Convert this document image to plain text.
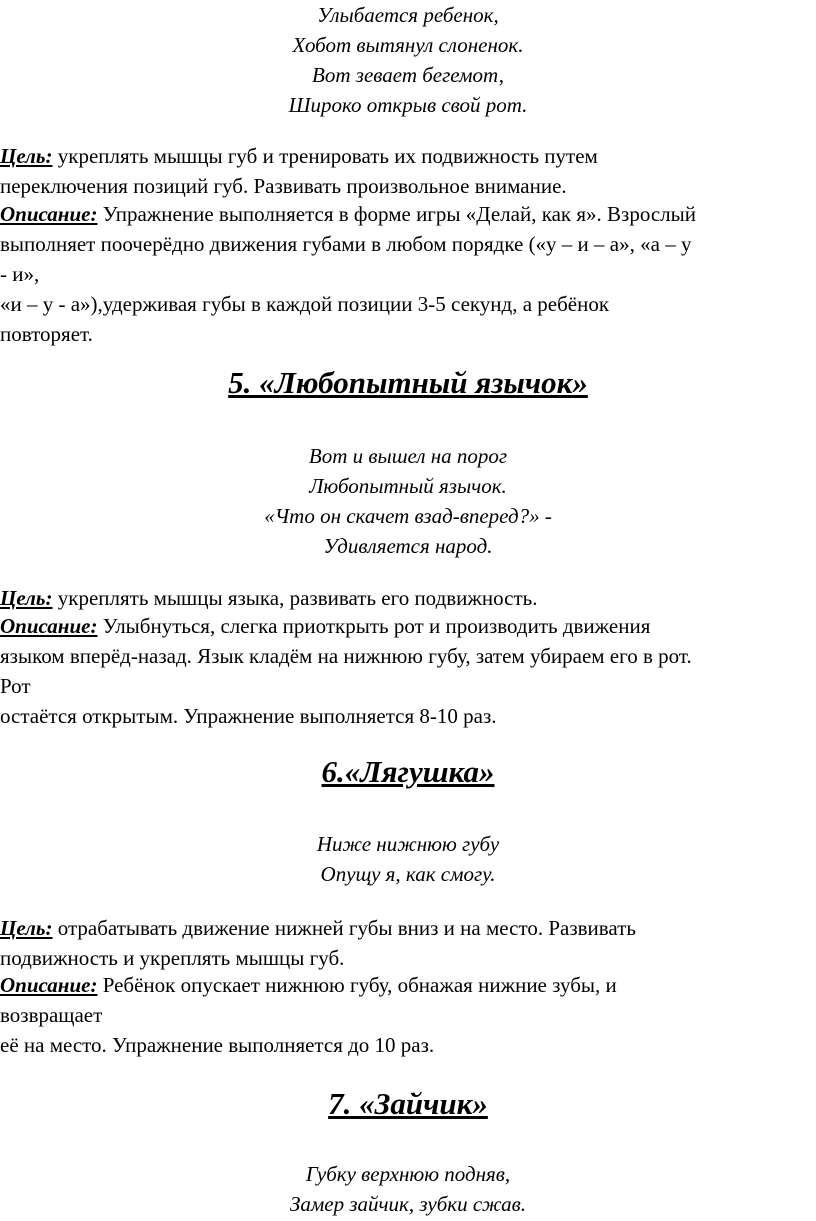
Улыбается ребенок,
Хобот вытянул слоненок.
Вот зевает бегемот,
Широко открыв свой рот.
Цель: укреплять мышцы губ и тренировать их подвижность путем
переключения позиций губ. Развивать произвольное внимание.
Описание: Упражнение выполняется в форме игры «Делай, как я». Взрослый
выполняет поочерёдно движения губами в любом порядке («у – и – а», «а – у
- и»,
«и – у - а»),удерживая губы в каждой позиции 3-5 секунд, а ребёнок
повторяет.
5. «Любопытный язычок»
Вот и вышел на порог
Любопытный язычок.
«Что он скачет взад-вперед?» -
Удивляется народ.
Цель: укреплять мышцы языка, развивать его подвижность.
Описание: Улыбнуться, слегка приоткрыть рот и производить движения
языком вперёд-назад. Язык кладём на нижнюю губу, затем убираем его в рот.
Рот
остаётся открытым. Упражнение выполняется 8-10 раз.
6.«Лягушка»
Ниже нижнюю губу
Опущу я, как смогу.
Цель: отрабатывать движение нижней губы вниз и на место. Развивать
подвижность и укреплять мышцы губ.
Описание: Ребёнок опускает нижнюю губу, обнажая нижние зубы, и
возвращает
её на место. Упражнение выполняется до 10 раз.
7. «Зайчик»
Губку верхнюю подняв,
Замер зайчик, зубки сжав.
